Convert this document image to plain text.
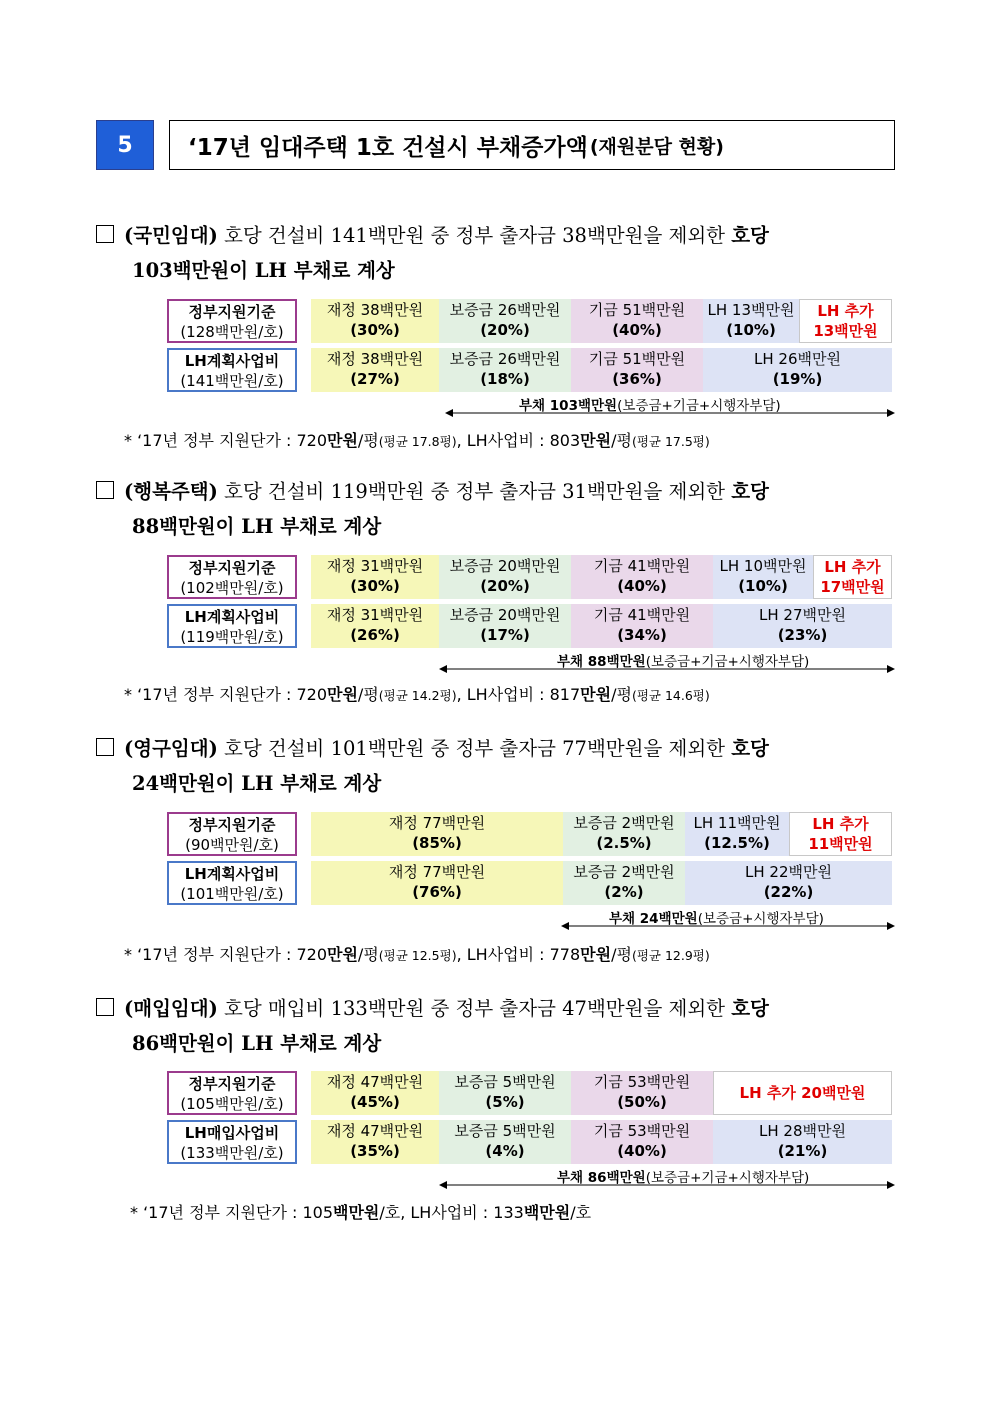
5	‘17년 임대주택 1호 건설시 부채증가액 (재원분담 현황)
(국민임대) 호당 건설비 141백만원 중 정부 출자금 38백만원을 제외한 호당
103백만원이 LH 부채로 계상
정부지원기준
(128백만원/호)
재정 38백만원
(30%)
보증금 26백만원
(20%)
기금 51백만원
(40%)
LH 13백만원
(10%)
LH 추가
13백만원
LH계획사업비
(141백만원/호)
재정 38백만원
(27%)
보증금 26백만원
(18%)
기금 51백만원
(36%)
LH 26백만원
(19%)
부채 103백만원(보증금+기금+시행자부담)
* ‘17년 정부 지원단가 : 720만원/평(평균 17.8평), LH사업비 : 803만원/평(평균 17.5평)
(행복주택) 호당 건설비 119백만원 중 정부 출자금 31백만원을 제외한 호당
88백만원이 LH 부채로 계상
정부지원기준
(102백만원/호)
재정 31백만원
(30%)
보증금 20백만원
(20%)
기금 41백만원
(40%)
LH 10백만원
(10%)
LH 추가
17백만원
LH계획사업비
(119백만원/호)
재정 31백만원
(26%)
보증금 20백만원
(17%)
기금 41백만원
(34%)
LH 27백만원
(23%)
부채 88백만원(보증금+기금+시행자부담)
* ‘17년 정부 지원단가 : 720만원/평(평균 14.2평), LH사업비 : 817만원/평(평균 14.6평)
(영구임대) 호당 건설비 101백만원 중 정부 출자금 77백만원을 제외한 호당
24백만원이 LH 부채로 계상
정부지원기준
(90백만원/호)
재정 77백만원
(85%)
보증금 2백만원
(2.5%)
LH 11백만원
(12.5%)
LH 추가
11백만원
LH계획사업비
(101백만원/호)
재정 77백만원
(76%)
보증금 2백만원
(2%)
LH 22백만원
(22%)
부채 24백만원(보증금+시행자부담)
* ‘17년 정부 지원단가 : 720만원/평(평균 12.5평), LH사업비 : 778만원/평(평균 12.9평)
(매입임대) 호당 매입비 133백만원 중 정부 출자금 47백만원을 제외한 호당
86백만원이 LH 부채로 계상
정부지원기준
(105백만원/호)
재정 47백만원
(45%)
보증금 5백만원
(5%)
기금 53백만원
(50%)	LH 추가 20백만원
LH매입사업비
(133백만원/호)
재정 47백만원
(35%)
보증금 5백만원
(4%)
기금 53백만원
(40%)
LH 28백만원
(21%)
부채 86백만원(보증금+기금+시행자부담)
* ‘17년 정부 지원단가 : 105백만원/호, LH사업비 : 133백만원/호
